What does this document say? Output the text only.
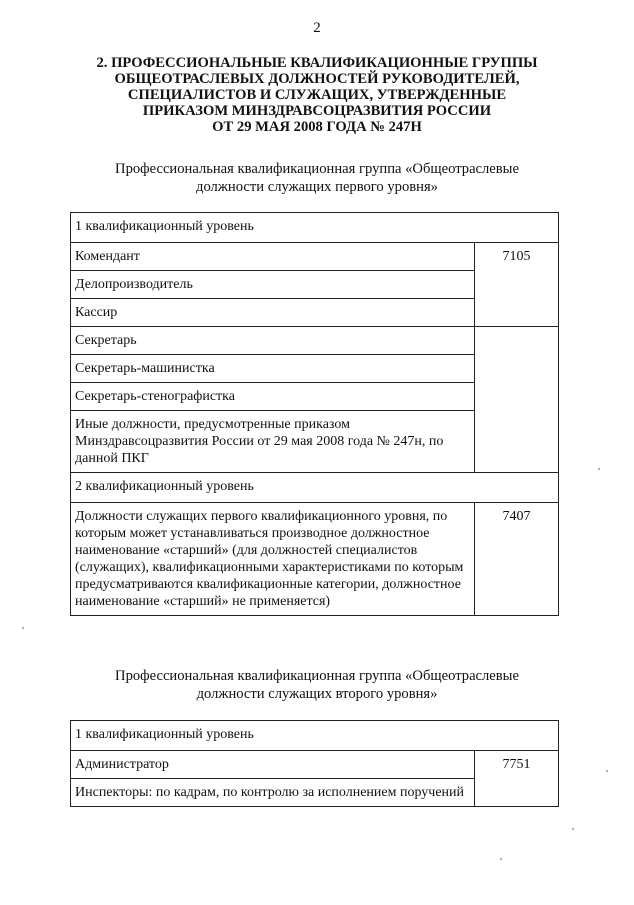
2
2. ПРОФЕССИОНАЛЬНЫЕ КВАЛИФИКАЦИОННЫЕ ГРУППЫ
ОБЩЕОТРАСЛЕВЫХ ДОЛЖНОСТЕЙ РУКОВОДИТЕЛЕЙ,
СПЕЦИАЛИСТОВ И СЛУЖАЩИХ, УТВЕРЖДЕННЫЕ
ПРИКАЗОМ МИНЗДРАВСОЦРАЗВИТИЯ РОССИИ
ОТ 29 МАЯ 2008 ГОДА № 247Н
Профессиональная квалификационная группа «Общеотраслевые
должности служащих первого уровня»
1 квалификационный уровень	
Комендант	7105
Делопроизводитель	
Кассир	
Секретарь	
Секретарь-машинистка	
Секретарь-стенографистка	
Иные должности, предусмотренные приказом Минздравсоцразвития России от 29 мая 2008 года № 247н, по данной ПКГ	
2 квалификационный уровень	
Должности служащих первого квалификационного уровня, по которым может устанавливаться производное должностное наименование «старший» (для должностей специалистов (служащих), квалификационными характеристиками по которым предусматриваются квалификационные категории, должностное наименование «старший» не применяется)	7407
Профессиональная квалификационная группа «Общеотраслевые
должности служащих второго уровня»
1 квалификационный уровень
Администратор	7751
Инспекторы: по кадрам, по контролю за исполнением поручений
